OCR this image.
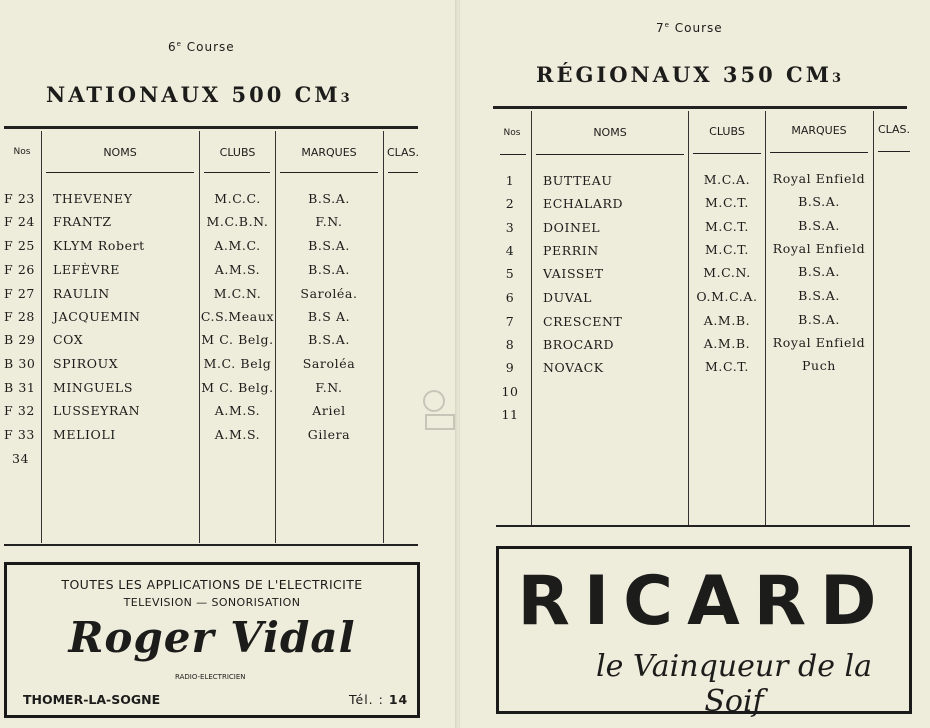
6e Course
NATIONAUX 500 CM3
Nos	NOMS	CLUBS	MARQUES	CLAS.
F 23 THEVENEY	M.C.C.	B.S.A.
F 24 FRANTZ	M.C.B.N.	F.N.
F 25 KLYM Robert	A.M.C.	B.S.A.
F 26 LEFÈVRE	A.M.S.	B.S.A.
F 27 RAULIN	M.C.N.	Saroléa.
F 28 JACQUEMIN	C.S.Meaux	B.S A.
B 29 COX	M C. Belg.	B.S.A.
B 30 SPIROUX	M.C. Belg	Saroléa
B 31 MINGUELS	M C. Belg.	F.N.
F 32 LUSSEYRAN	A.M.S.	Ariel
F 33 MELIOLI	A.M.S.	Gilera
34
TOUTES LES APPLICATIONS DE L'ELECTRICITE
TELEVISION — SONORISATION
Roger Vidal
RADIO-ELECTRICIEN
THOMER-LA-SOGNE	Tél. : 14
7e Course
RÉGIONAUX 350 CM3
Nos	NOMS	CLUBS	MARQUES	CLAS.
1	BUTTEAU	M.C.A.	Royal Enfield
2	ECHALARD	M.C.T.	B.S.A.
3	DOINEL	M.C.T.	B.S.A.
4	PERRIN	M.C.T.	Royal Enfield
5	VAISSET	M.C.N.	B.S.A.
6	DUVAL	O.M.C.A.	B.S.A.
7	CRESCENT	A.M.B.	B.S.A.
8	BROCARD	A.M.B.	Royal Enfield
9	NOVACK	M.C.T.	Puch
10
11
RICARD
le Vainqueur de la Soif
